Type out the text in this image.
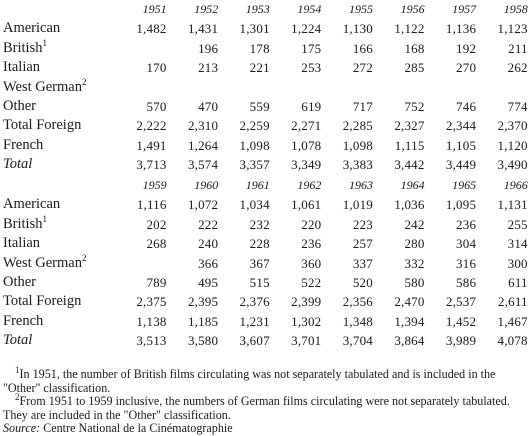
	1951	1952	1953	1954	1955	1956	1957	1958
American	1,482	1,431	1,301	1,224	1,130	1,122	1,136	1,123
British$^1$		196	178	175	166	168	192	211
Italian	170	213	221	253	272	285	270	262
West German$^2$								
Other	570	470	559	619	717	752	746	774
Total Foreign	2,222	2,310	2,259	2,271	2,285	2,327	2,344	2,370
French	1,491	1,264	1,098	1,078	1,098	1,115	1,105	1,120
Total	3,713	3,574	3,357	3,349	3,383	3,442	3,449	3,490
	1959	1960	1961	1962	1963	1964	1965	1966
American	1,116	1,072	1,034	1,061	1,019	1,036	1,095	1,131
British$^1$	202	222	232	220	223	242	236	255
Italian	268	240	228	236	257	280	304	314
West German$^2$		366	367	360	337	332	316	300
Other	789	495	515	522	520	580	586	611
Total Foreign	2,375	2,395	2,376	2,399	2,356	2,470	2,537	2,611
French	1,138	1,185	1,231	1,302	1,348	1,394	1,452	1,467
Total	3,513	3,580	3,607	3,701	3,704	3,864	3,989	4,078

$^1$In 1951, the number of British films circulating was not separately tabulated and is included in the "Other" classification.

$^2$From 1951 to 1959 inclusive, the numbers of German films circulating were not separately tabulated. They are included in the "Other" classification.

Source: Centre National de la Cinématographie
